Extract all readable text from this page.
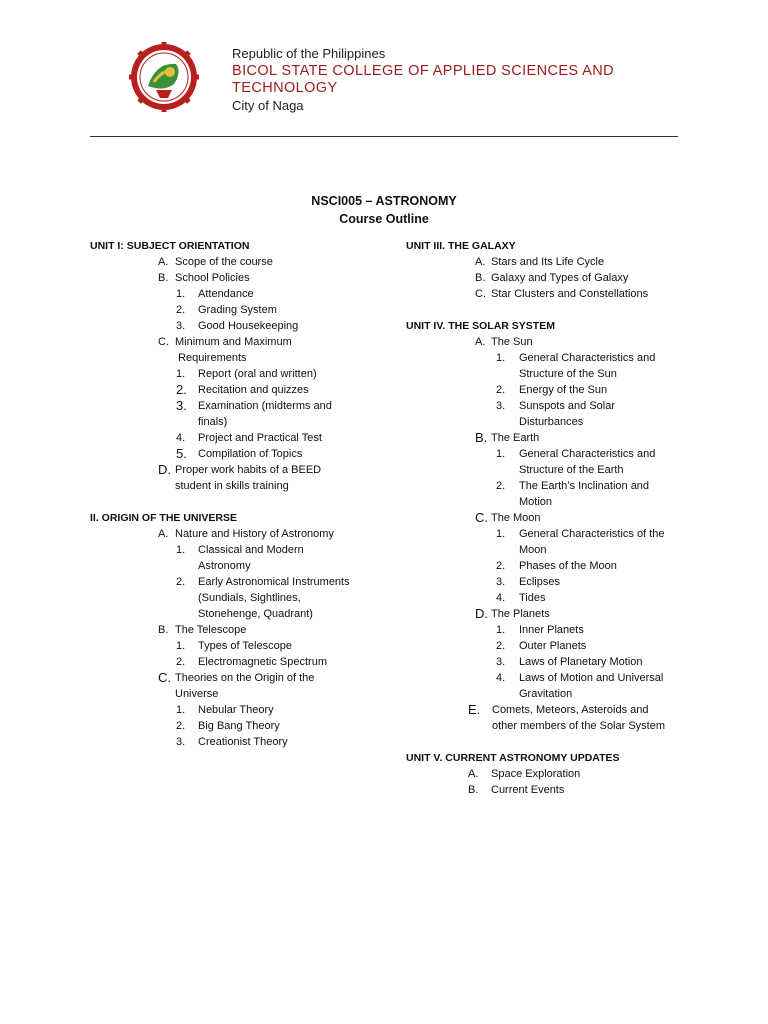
Republic of the Philippines
BICOL STATE COLLEGE OF APPLIED SCIENCES AND
TECHNOLOGY
City of Naga
NSCI005 – ASTRONOMY
Course Outline
UNIT I: SUBJECT ORIENTATION
A. Scope of the course
B. School Policies
1.	Attendance
2.	Grading System
3.	Good Housekeeping
C. Minimum and Maximum
Requirements
1.	Report (oral and written)
2.	Recitation and quizzes
3.	Examination (midterms and
finals)
4.	Project and Practical Test
5.	Compilation of Topics
D. Proper work habits of a BEED
student in skills training
II. ORIGIN OF THE UNIVERSE
A. Nature and History of Astronomy
1.	Classical and Modern
Astronomy
2.	Early Astronomical Instruments
(Sundials, Sightlines,
Stonehenge, Quadrant)
B. The Telescope
1.	Types of Telescope
2.	Electromagnetic Spectrum
C. Theories on the Origin of the
Universe
1.	Nebular Theory
2.	Big Bang Theory
3.	Creationist Theory
UNIT III. THE GALAXY
A. Stars and Its Life Cycle
B. Galaxy and Types of Galaxy
C. Star Clusters and Constellations
UNIT IV. THE SOLAR SYSTEM
A. The Sun
1.	General Characteristics and
Structure of the Sun
2.	Energy of the Sun
3.	Sunspots and Solar
Disturbances
B. The Earth
1.	General Characteristics and
Structure of the Earth
2.	The Earth’s Inclination and
Motion
C. The Moon
1.	General Characteristics of the
Moon
2.	Phases of the Moon
3.	Eclipses
4.	Tides
D. The Planets
1.	Inner Planets
2.	Outer Planets
3.	Laws of Planetary Motion
4.	Laws of Motion and Universal
Gravitation
E.	Comets, Meteors, Asteroids and
other members of the Solar System
UNIT V. CURRENT ASTRONOMY UPDATES
A.	Space Exploration
B.	Current Events
